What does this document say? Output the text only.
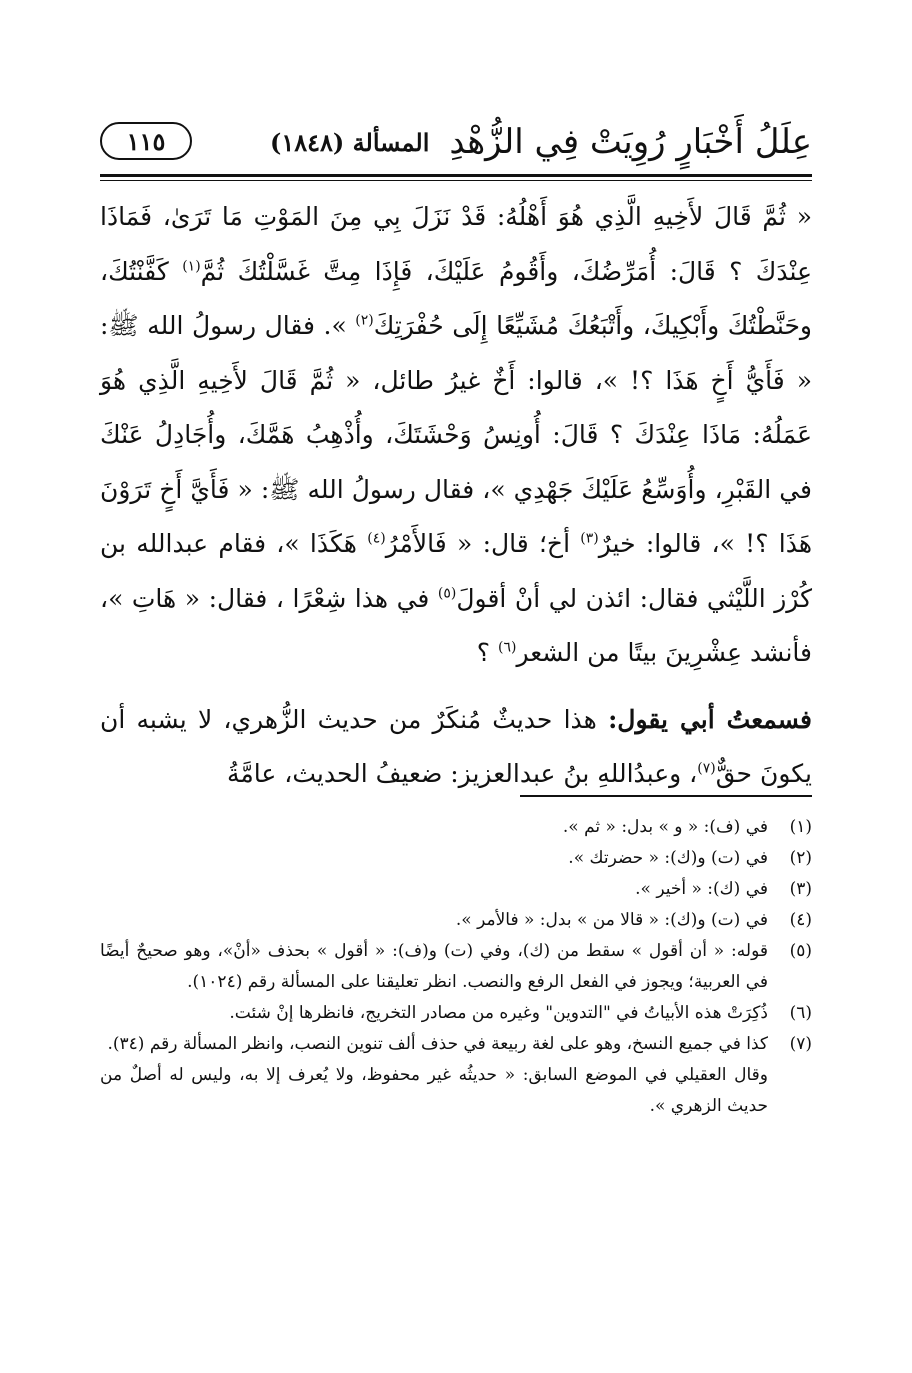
عِلَلُ أَخْبَارٍ رُوِيَتْ فِي الزُّهْدِ
المسألة (١٨٤٨)
١١٥

« ثُمَّ قَالَ لأَخِيهِ الَّذِي هُوَ أَهْلُهُ: قَدْ نَزَلَ بِي مِنَ المَوْتِ مَا تَرَىٰ، فَمَاذَا عِنْدَكَ ؟ قَالَ: أُمَرِّضُكَ، وأَقُومُ عَلَيْكَ، فَإِذَا مِتَّ غَسَّلْتُكَ ثُمَّ$^{(١)}$ كَفَّنْتُكَ، وحَنَّطْتُكَ وأَبْكِيكَ، وأَتْبَعُكَ مُشَيِّعًا إِلَى حُفْرَتِكَ$^{(٢)}$ ». فقال رسولُ الله ﷺ: « فَأَيُّ أَخٍ هَذَا ؟! »، قالوا: أَخٌ غيرُ طائل، « ثُمَّ قَالَ لأَخِيهِ الَّذِي هُوَ عَمَلُهُ: مَاذَا عِنْدَكَ ؟ قَالَ: أُونِسُ وَحْشَتَكَ، وأُذْهِبُ هَمَّكَ، وأُجَادِلُ عَنْكَ في القَبْرِ، وأُوَسِّعُ عَلَيْكَ جَهْدِي »، فقال رسولُ الله ﷺ: « فَأَيَّ أَخٍ تَرَوْنَ هَذَا ؟! »، قالوا: خيرٌ$^{(٣)}$ أخ؛ قال: « فَالأَمْرُ$^{(٤)}$ هَكَذَا »، فقام عبدالله بن كُرْز اللَّيْثي فقال: ائذن لي أنْ أقولَ$^{(٥)}$ في هذا شِعْرًا ، فقال: « هَاتِ »، فأنشد عِشْرِينَ بيتًا من الشعر$^{(٦)}$ ؟

فسمعتُ أبي يقول: هذا حديثٌ مُنكَرٌ من حديث الزُّهري، لا يشبه أن يكونَ حقٌّ$^{(٧)}$، وعبدُاللهِ بنُ عبدالعزيز: ضعيفُ الحديث، عامَّةُ

(١)
في (ف): « و » بدل: « ثم ».
(٢)
في (ت) و(ك): « حضرتك ».
(٣)
في (ك): « أخير ».
(٤)
في (ت) و(ك): « قالا من » بدل: « فالأمر ».
(٥)
قوله: « أن أقول » سقط من (ك)، وفي (ت) و(ف): « أقول » بحذف «أنْ»، وهو صحيحٌ أيضًا في العربية؛ ويجوز في الفعل الرفع والنصب. انظر تعليقنا على المسألة رقم (١٠٢٤).
(٦)
ذُكِرَتْ هذه الأبياتُ في "التدوين" وغيره من مصادر التخريج، فانظرها إنْ شئت.
(٧)
كذا في جميع النسخ، وهو على لغة ربيعة في حذف ألف تنوين النصب، وانظر المسألة رقم (٣٤).
وقال العقيلي في الموضع السابق: « حديثُه غير محفوظ، ولا يُعرف إلا به، وليس له أصلٌ من حديث الزهري ».
